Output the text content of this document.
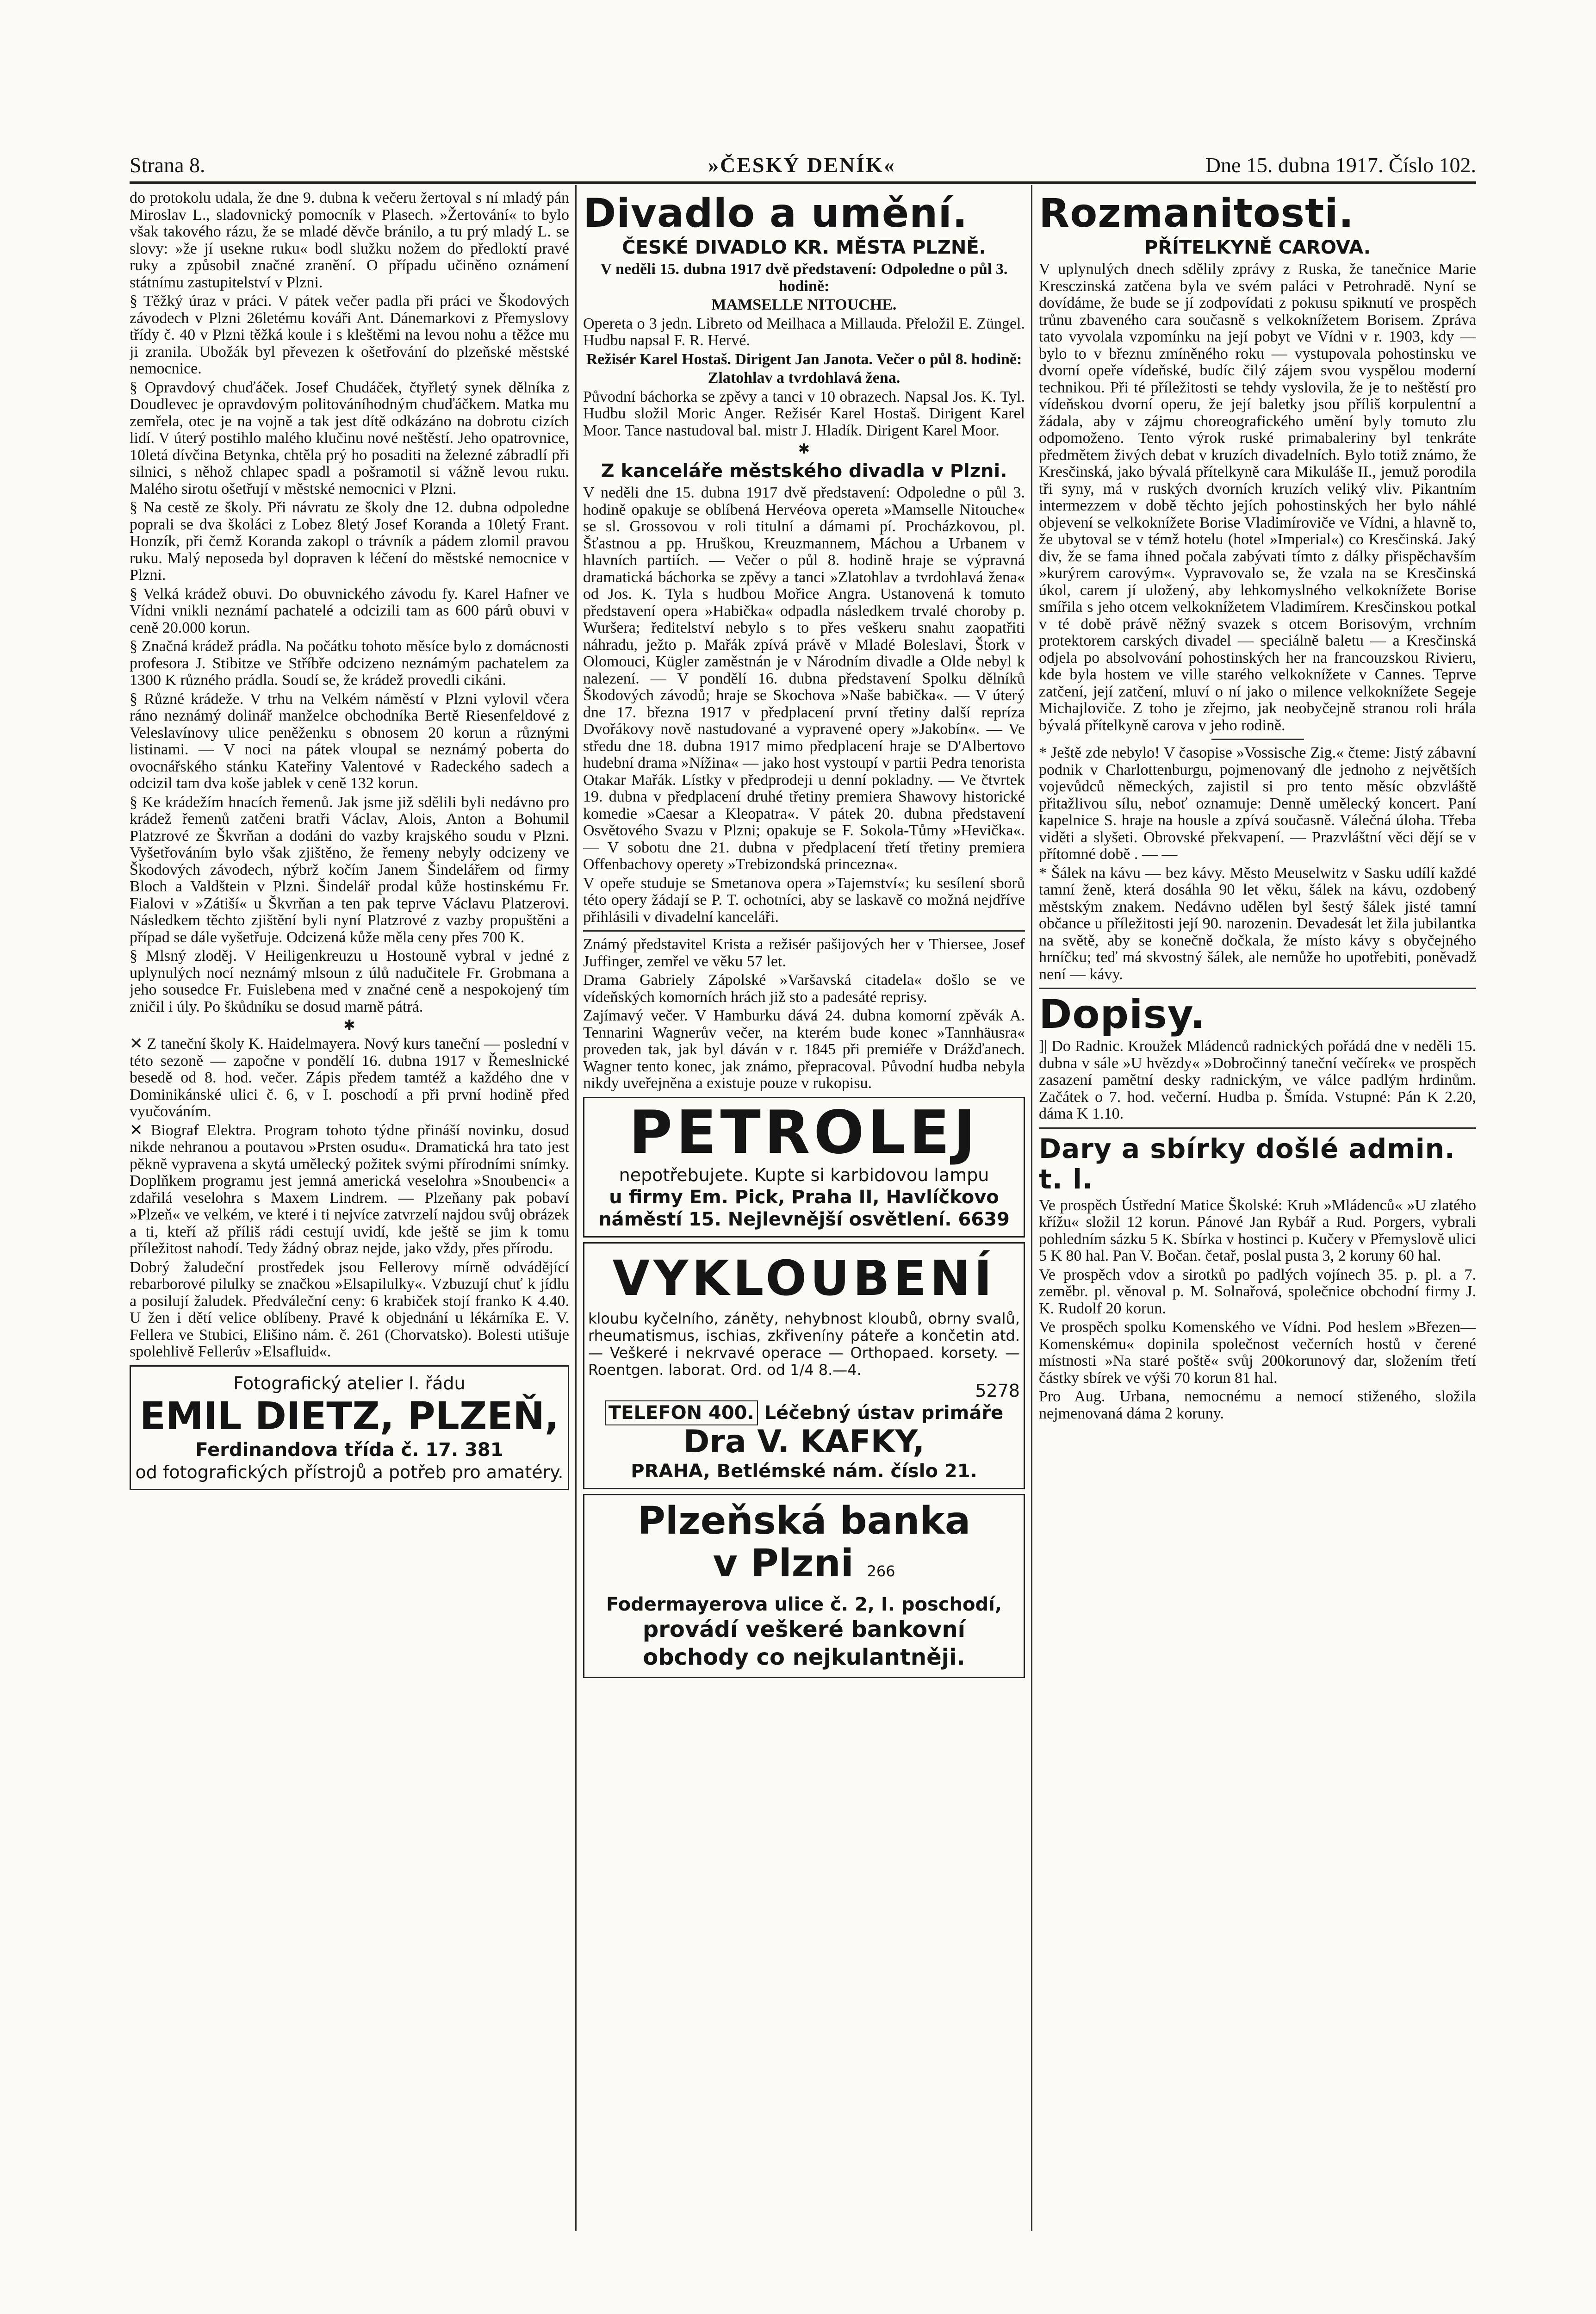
Strana 8.	»ČESKÝ DENÍK«	Dne 15. dubna 1917. Číslo 102.

do protokolu udala, že dne 9. dubna k večeru žertoval s ní mladý pán Miroslav L., sladovnický pomocník v Plasech. »Žertování« to bylo však takového rázu, že se mladé děvče bránilo, a tu prý mladý L. se slovy: »že jí usekne ruku« bodl služku nožem do předloktí pravé ruky a způsobil značné zranění. O případu učiněno oznámení státnímu zastupitelství v Plzni.

§ Těžký úraz v práci. V pátek večer padla při práci ve Škodových závodech v Plzni 26letému kováři Ant. Dánemarkovi z Přemyslovy třídy č. 40 v Plzni těžká koule i s kleštěmi na levou nohu a těžce mu ji zranila. Ubožák byl převezen k ošetřování do plzeňské městské nemocnice.

§ Opravdový chuďáček. Josef Chudáček, čtyřletý synek dělníka z Doudlevec je opravdovým politováníhodným chuďáčkem. Matka mu zemřela, otec je na vojně a tak jest dítě odkázáno na dobrotu cizích lidí. V úterý postihlo malého klučinu nové neštěstí. Jeho opatrovnice, 10letá dívčina Betynka, chtěla prý ho posaditi na železné zábradlí při silnici, s něhož chlapec spadl a pošramotil si vážně levou ruku. Malého sirotu ošetřují v městské nemocnici v Plzni.

§ Na cestě ze školy. Při návratu ze školy dne 12. dubna odpoledne poprali se dva školáci z Lobez 8letý Josef Koranda a 10letý Frant. Honzík, při čemž Koranda zakopl o trávník a pádem zlomil pravou ruku. Malý neposeda byl dopraven k léčení do městské nemocnice v Plzni.

§ Velká krádež obuvi. Do obuvnického závodu fy. Karel Hafner ve Vídni vnikli neznámí pachatelé a odcizili tam as 600 párů obuvi v ceně 20.000 korun.

§ Značná krádež prádla. Na počátku tohoto měsíce bylo z domácnosti profesora J. Stibitze ve Stříbře odcizeno neznámým pachatelem za 1300 K různého prádla. Soudí se, že krádež provedli cikáni.

§ Různé krádeže. V trhu na Velkém náměstí v Plzni vylovil včera ráno neznámý dolinář manželce obchodníka Bertě Riesenfeldové z Veleslavínovy ulice peněženku s obnosem 20 korun a různými listinami. — V noci na pátek vloupal se neznámý poberta do ovocnářského stánku Kateřiny Valentové v Radeckého sadech a odcizil tam dva koše jablek v ceně 132 korun.

§ Ke krádežím hnacích řemenů. Jak jsme již sdělili byli nedávno pro krádež řemenů zatčeni bratři Václav, Alois, Anton a Bohumil Platzrové ze Škvrňan a dodáni do vazby krajského soudu v Plzni. Vyšetřováním bylo však zjištěno, že řemeny nebyly odcizeny ve Škodových závodech, nýbrž kočím Janem Šindelářem od firmy Bloch a Valdštein v Plzni. Šindelář prodal kůže hostinskému Fr. Fialovi v »Zátiší« u Škvrňan a ten pak teprve Václavu Platzerovi. Následkem těchto zjištění byli nyní Platzrové z vazby propuštěni a případ se dále vyšetřuje. Odcizená kůže měla ceny přes 700 K.

§ Mlsný zloděj. V Heiligenkreuzu u Hostouně vybral v jedné z uplynulých nocí neznámý mlsoun z úlů nadučitele Fr. Grobmana a jeho sousedce Fr. Fuislebena med v značné ceně a nespokojený tím zničil i úly. Po škůdníku se dosud marně pátrá.

✱

✕ Z taneční školy K. Haidelmayera. Nový kurs taneční — poslední v této sezoně — započne v pondělí 16. dubna 1917 v Řemeslnické besedě od 8. hod. večer. Zápis předem tamtéž a každého dne v Dominikánské ulici č. 6, v I. poschodí a při první hodině před vyučováním.

✕ Biograf Elektra. Program tohoto týdne přináší novinku, dosud nikde nehranou a poutavou »Prsten osudu«. Dramatická hra tato jest pěkně vypravena a skytá umělecký požitek svými přírodními snímky. Doplňkem programu jest jemná americká veselohra »Snoubenci« a zdařilá veselohra s Maxem Lindrem. — Plzeňany pak pobaví »Plzeň« ve velkém, ve které i ti nejvíce zatvrzelí najdou svůj obrázek a ti, kteří až příliš rádi cestují uvidí, kde ještě se jim k tomu příležitost nahodí. Tedy žádný obraz nejde, jako vždy, přes přírodu.

Dobrý žaludeční prostředek jsou Fellerovy mírně odvádějící rebarborové pilulky se značkou »Elsapilulky«. Vzbuzují chuť k jídlu a posilují žaludek. Předváleční ceny: 6 krabiček stojí franko K 4.40. U žen i dětí velice oblíbeny. Pravé k objednání u lékárníka E. V. Fellera ve Stubici, Elišino nám. č. 261 (Chorvatsko). Bolesti utišuje spolehlivě Fellerův »Elsafluid«.

Fotografický atelier I. řádu
EMIL DIETZ, PLZEŇ,
Ferdinandova třída č. 17. 381
od fotografických přístrojů a potřeb pro amatéry.
Divadlo a umění.
ČESKÉ DIVADLO KR. MĚSTA PLZNĚ.

V neděli 15. dubna 1917 dvě představení: Odpoledne o půl 3. hodině:

MAMSELLE NITOUCHE.

Opereta o 3 jedn. Libreto od Meilhaca a Millauda. Přeložil E. Züngel. Hudbu napsal F. R. Hervé.

Režisér Karel Hostaš. Dirigent Jan Janota. Večer o půl 8. hodině:

Zlatohlav a tvrdohlavá žena.

Původní báchorka se zpěvy a tanci v 10 obrazech. Napsal Jos. K. Tyl. Hudbu složil Moric Anger. Režisér Karel Hostaš. Dirigent Karel Moor. Tance nastudoval bal. mistr J. Hladík. Dirigent Karel Moor.

✱
Z kanceláře městského divadla v Plzni.

V neděli dne 15. dubna 1917 dvě představení: Odpoledne o půl 3. hodině opakuje se oblíbená Hervéova opereta »Mamselle Nitouche« se sl. Grossovou v roli titulní a dámami pí. Procházkovou, pl. Šťastnou a pp. Hruškou, Kreuzmannem, Máchou a Urbanem v hlavních partiích. — Večer o půl 8. hodině hraje se výpravná dramatická báchorka se zpěvy a tanci »Zlatohlav a tvrdohlavá žena« od Jos. K. Tyla s hudbou Mořice Angra. Ustanovená k tomuto představení opera »Habička« odpadla následkem trvalé choroby p. Wuršera; ředitelství nebylo s to přes veškeru snahu zaopatřiti náhradu, ježto p. Mařák zpívá právě v Mladé Boleslavi, Štork v Olomouci, Kügler zaměstnán je v Národním divadle a Olde nebyl k nalezení. — V pondělí 16. dubna představení Spolku dělníků Škodových závodů; hraje se Skochova »Naše babička«. — V úterý dne 17. března 1917 v předplacení první třetiny další repríza Dvořákovy nově nastudované a vypravené opery »Jakobín«. — Ve středu dne 18. dubna 1917 mimo předplacení hraje se D'Albertovo hudební drama »Nížina« — jako host vystoupí v partii Pedra tenorista Otakar Mařák. Lístky v předprodeji u denní pokladny. — Ve čtvrtek 19. dubna v předplacení druhé třetiny premiera Shawovy historické komedie »Caesar a Kleopatra«. V pátek 20. dubna představení Osvětového Svazu v Plzni; opakuje se F. Sokola-Tůmy »Hevička«. — V sobotu dne 21. dubna v předplacení třetí třetiny premiera Offenbachovy operety »Trebizondská princezna«.

V opeře studuje se Smetanova opera »Tajemství«; ku sesílení sborů této opery žádají se P. T. ochotníci, aby se laskavě co možná nejdříve přihlásili v divadelní kanceláři.

Známý představitel Krista a režisér pašijových her v Thiersee, Josef Juffinger, zemřel ve věku 57 let.

Drama Gabriely Zápolské »Varšavská citadela« došlo se ve vídeňských komorních hrách již sto a padesáté reprisy.

Zajímavý večer. V Hamburku dává 24. dubna komorní zpěvák A. Tennarini Wagnerův večer, na kterém bude konec »Tannhäusra« proveden tak, jak byl dáván v r. 1845 při premiéře v Drážďanech. Wagner tento konec, jak známo, přepracoval. Původní hudba nebyla nikdy uveřejněna a existuje pouze v rukopisu.

PETROLEJ
nepotřebujete. Kupte si karbidovou lampu
u firmy Em. Pick, Praha II, Havlíčkovo
náměstí 15. Nejlevnější osvětlení. 6639
VYKLOUBENÍ
kloubu kyčelního, záněty, nehybnost kloubů, obrny svalů, rheumatismus, ischias, zkřivenínу páteře a končetin atd. — Veškeré i nekrvavé operace — Orthopaed. korsety. — Roentgen. laborat. Ord. od 1/4 8.—4.
5278
TELEFON 400. Léčebný ústav primáře
Dra V. KAFKY,
PRAHA, Betlémské nám. číslo 21.
Plzeňská banka
v Plzni 266
Fodermayerova ulice č. 2, I. poschodí,
provádí veškeré bankovní
obchody co nejkulantněji.
Rozmanitosti.
PŘÍTELKYNĚ CAROVA.

V uplynulých dnech sdělily zprávy z Ruska, že tanečnice Marie Kresczinská zatčena byla ve svém paláci v Petrohradě. Nyní se dovídáme, že bude se jí zodpovídati z pokusu spiknutí ve prospěch trůnu zbaveného cara současně s velkoknížetem Borisem. Zpráva tato vyvolala vzpomínku na její pobyt ve Vídni v r. 1903, kdy — bylo to v březnu zmíněného roku — vystupovala pohostinsku ve dvorní opeře vídeňské, budíc čilý zájem svou vyspělou moderní technikou. Při té příležitosti se tehdy vyslovila, že je to neštěstí pro vídeňskou dvorní operu, že její baletky jsou příliš korpulentní a žádala, aby v zájmu choreografického umění byly tomuto zlu odpomoženo. Tento výrok ruské primabaleriny byl tenkráte předmětem živých debat v kruzích divadelních. Bylo totiž známo, že Kresčinská, jako bývalá přítelkyně cara Mikuláše II., jemuž porodila tři syny, má v ruských dvorních kruzích veliký vliv. Pikantním intermezzem v době těchto jejích pohostinských her bylo náhlé objevení se velkoknížete Borise Vladimíroviče ve Vídni, a hlavně to, že ubytoval se v témž hotelu (hotel »Imperial«) co Kresčinská. Jaký div, že se fama ihned počala zabývati tímto z dálky přispěchavším »kurýrem carovým«. Vypravovalo se, že vzala na se Kresčinská úkol, carem jí uložený, aby lehkomyslného velkoknížete Borise smířila s jeho otcem velkoknížetem Vladimírem. Kresčinskou potkal v té době právě něžný svazek s otcem Borisovým, vrchním protektorem carských divadel — speciálně baletu — a Kresčinská odjela po absolvování pohostinských her na francouzskou Rivieru, kde byla hostem ve ville starého velkoknížete v Cannes. Teprve zatčení, její zatčení, mluví o ní jako o milence velkoknížete Segeje Michajloviče. Z toho je zřejmo, jak neobyčejně stranou roli hrála bývalá přítelkyně carova v jeho rodině.

* Ještě zde nebylo! V časopise »Vossische Zig.« čteme: Jistý zábavní podnik v Charlottenburgu, pojmenovaný dle jednoho z největších vojevůdců německých, zajistil si pro tento měsíc obzvláště přitažlivou sílu, neboť oznamuje: Denně umělecký koncert. Paní kapelnice S. hraje na housle a zpívá současně. Válečná úloha. Třeba viděti a slyšeti. Obrovské překvapení. — Prazvláštní věci dějí se v přítomné době . — —

* Šálek na kávu — bez kávy. Město Meuselwitz v Sasku udílí každé tamní ženě, která dosáhla 90 let věku, šálek na kávu, ozdobený městským znakem. Nedávno udělen byl šestý šálek jisté tamní občance u příležitosti její 90. narozenin. Devadesát let žila jubilantka na světě, aby se konečně dočkala, že místo kávy s obyčejného hrníčku; teď má skvostný šálek, ale nemůže ho upotřebiti, poněvadž není — kávy.

Dopisy.

]| Do Radnic. Kroužek Mládenců radnických pořádá dne v neděli 15. dubna v sále »U hvězdy« »Dobročinný taneční večírek« ve prospěch zasazení pamětní desky radnickým, ve válce padlým hrdinům. Začátek o 7. hod. večerní. Hudba p. Šmída. Vstupné: Pán K 2.20, dáma K 1.10.

Dary a sbírky došlé admin. t. l.

Ve prospěch Ústřední Matice Školské: Kruh »Mládenců« »U zlatého křížu« složil 12 korun. Pánové Jan Rybář a Rud. Porgers, vybrali pohledním sázku 5 K. Sbírka v hostinci p. Kučery v Přemyslově ulici 5 K 80 hal. Pan V. Bočan. četař, poslal pusta 3, 2 koruny 60 hal.

Ve prospěch vdov a sirotků po padlých vojínech 35. p. pl. a 7. zeměbr. pl. věnoval p. M. Solnařová, společnice obchodní firmy J. K. Rudolf 20 korun.

Ve prospěch spolku Komenského ve Vídni. Pod heslem »Březen—Komenskému« dopinila společnost večerních hostů v čerené místnosti »Na staré poště« svůj 200korunový dar, složením třetí částky sbírek ve výši 70 korun 81 hal.

Pro Aug. Urbana, nemocnému a nemocí stiženého, složila nejmenovaná dáma 2 koruny.
